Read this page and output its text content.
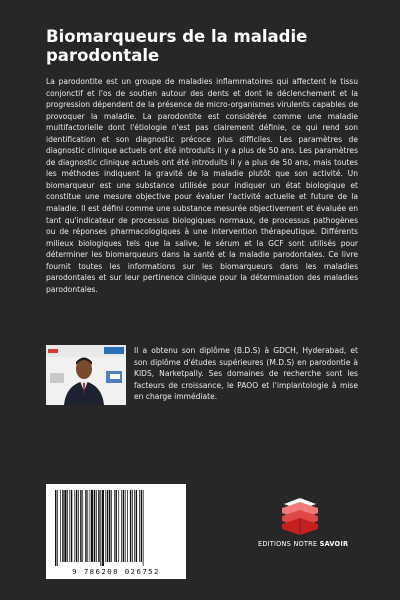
Biomarqueurs de la maladie parodontale

La parodontite est un groupe de maladies inflammatoires qui affectent le tissu conjonctif et l'os de soutien autour des dents et dont le déclenchement et la progression dépendent de la présence de micro-organismes virulents capables de provoquer la maladie. La parodontite est considérée comme une maladie multifactorielle dont l'étiologie n'est pas clairement définie, ce qui rend son identification et son diagnostic précoce plus difficiles. Les paramètres de diagnostic clinique actuels ont été introduits il y a plus de 50 ans. Les paramètres de diagnostic clinique actuels ont été introduits il y a plus de 50 ans, mais toutes les méthodes indiquent la gravité de la maladie plutôt que son activité. Un biomarqueur est une substance utilisée pour indiquer un état biologique et constitue une mesure objective pour évaluer l'activité actuelle et future de la maladie. Il est défini comme une substance mesurée objectivement et évaluée en tant qu'indicateur de processus biologiques normaux, de processus pathogènes ou de réponses pharmacologiques à une intervention thérapeutique. Différents milieux biologiques tels que la salive, le sérum et la GCF sont utilisés pour déterminer les biomarqueurs dans la santé et la maladie parodontales. Ce livre fournit toutes les informations sur les biomarqueurs dans les maladies parodontales et sur leur pertinence clinique pour la détermination des maladies parodontales.

Il a obtenu son diplôme (B.D.S) à GDCH, Hyderabad, et son diplôme d'études supérieures (M.D.S) en parodontie à KIDS, Narketpally. Ses domaines de recherche sont les facteurs de croissance, le PAOO et l'implantologie à mise en charge immédiate.

9 786208 026752
EDITIONS NOTRE SAVOIR
